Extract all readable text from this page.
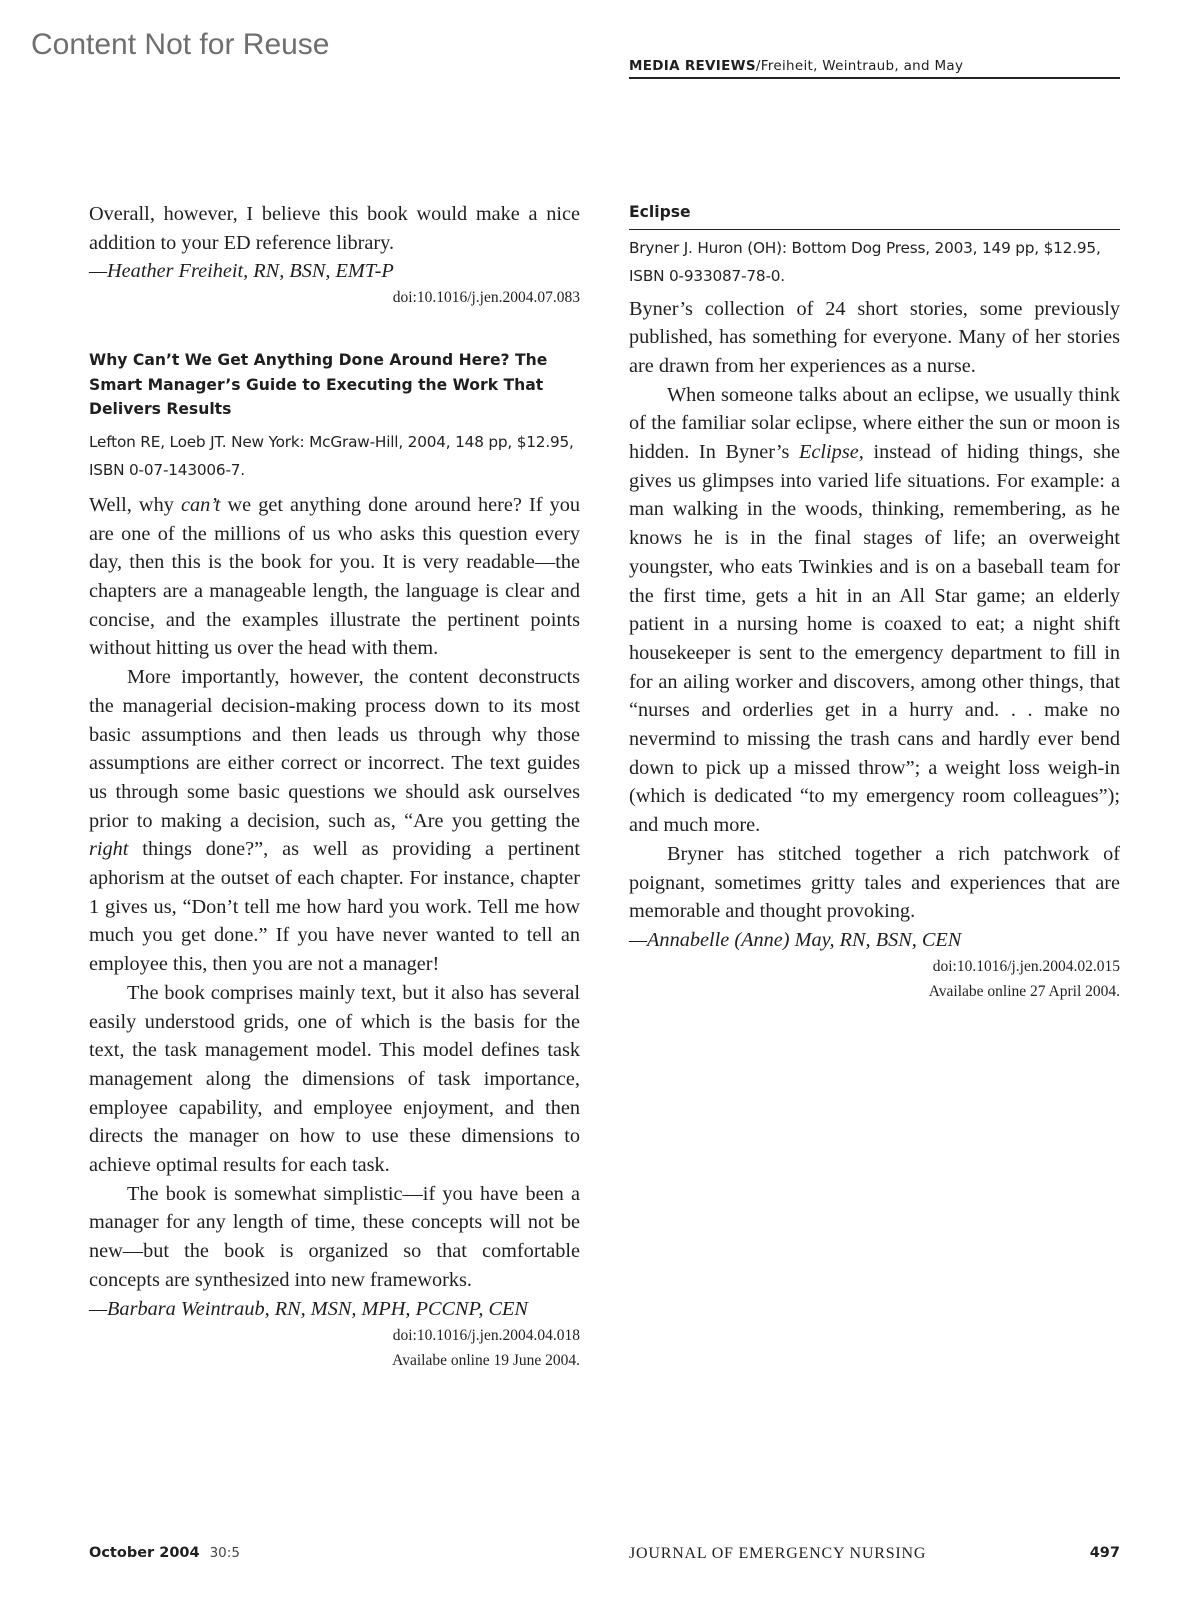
Content Not for Reuse
MEDIA REVIEWS/Freiheit, Weintraub, and May

Overall, however, I believe this book would make a nice addition to your ED reference library.

—Heather Freiheit, RN, BSN, EMT-P

doi:10.1016/j.jen.2004.07.083

Why Can’t We Get Anything Done Around Here? The Smart Manager’s Guide to Executing the Work That Delivers Results

Lefton RE, Loeb JT. New York: McGraw-Hill, 2004, 148 pp, $12.95, ISBN 0-07-143006-7.

Well, why can’t we get anything done around here? If you are one of the millions of us who asks this question every day, then this is the book for you. It is very readable—the chapters are a manageable length, the language is clear and concise, and the examples illustrate the pertinent points without hitting us over the head with them.

More importantly, however, the content deconstructs the managerial decision-making process down to its most basic assumptions and then leads us through why those assumptions are either correct or incorrect. The text guides us through some basic questions we should ask ourselves prior to making a decision, such as, “Are you getting the right things done?”, as well as providing a pertinent aphorism at the outset of each chapter. For instance, chapter 1 gives us, “Don’t tell me how hard you work. Tell me how much you get done.” If you have never wanted to tell an employee this, then you are not a manager!

The book comprises mainly text, but it also has several easily understood grids, one of which is the basis for the text, the task management model. This model defines task management along the dimensions of task importance, employee capability, and employee enjoyment, and then directs the manager on how to use these dimensions to achieve optimal results for each task.

The book is somewhat simplistic—if you have been a manager for any length of time, these concepts will not be new—but the book is organized so that comfortable concepts are synthesized into new frameworks.

—Barbara Weintraub, RN, MSN, MPH, PCCNP, CEN

doi:10.1016/j.jen.2004.04.018

Availabe online 19 June 2004.

Eclipse

Bryner J. Huron (OH): Bottom Dog Press, 2003, 149 pp, $12.95, ISBN 0-933087-78-0.

Byner’s collection of 24 short stories, some previously published, has something for everyone. Many of her stories are drawn from her experiences as a nurse.

When someone talks about an eclipse, we usually think of the familiar solar eclipse, where either the sun or moon is hidden. In Byner’s Eclipse, instead of hiding things, she gives us glimpses into varied life situations. For example: a man walking in the woods, thinking, remembering, as he knows he is in the final stages of life; an overweight youngster, who eats Twinkies and is on a baseball team for the first time, gets a hit in an All Star game; an elderly patient in a nursing home is coaxed to eat; a night shift housekeeper is sent to the emergency department to fill in for an ailing worker and discovers, among other things, that “nurses and orderlies get in a hurry and. . . make no nevermind to missing the trash cans and hardly ever bend down to pick up a missed throw”; a weight loss weigh-in (which is dedicated “to my emergency room colleagues”); and much more.

Bryner has stitched together a rich patchwork of poignant, sometimes gritty tales and experiences that are memorable and thought provoking.

—Annabelle (Anne) May, RN, BSN, CEN

doi:10.1016/j.jen.2004.02.015

Availabe online 27 April 2004.

October 2004 30:5	JOURNAL OF EMERGENCY NURSING	497
